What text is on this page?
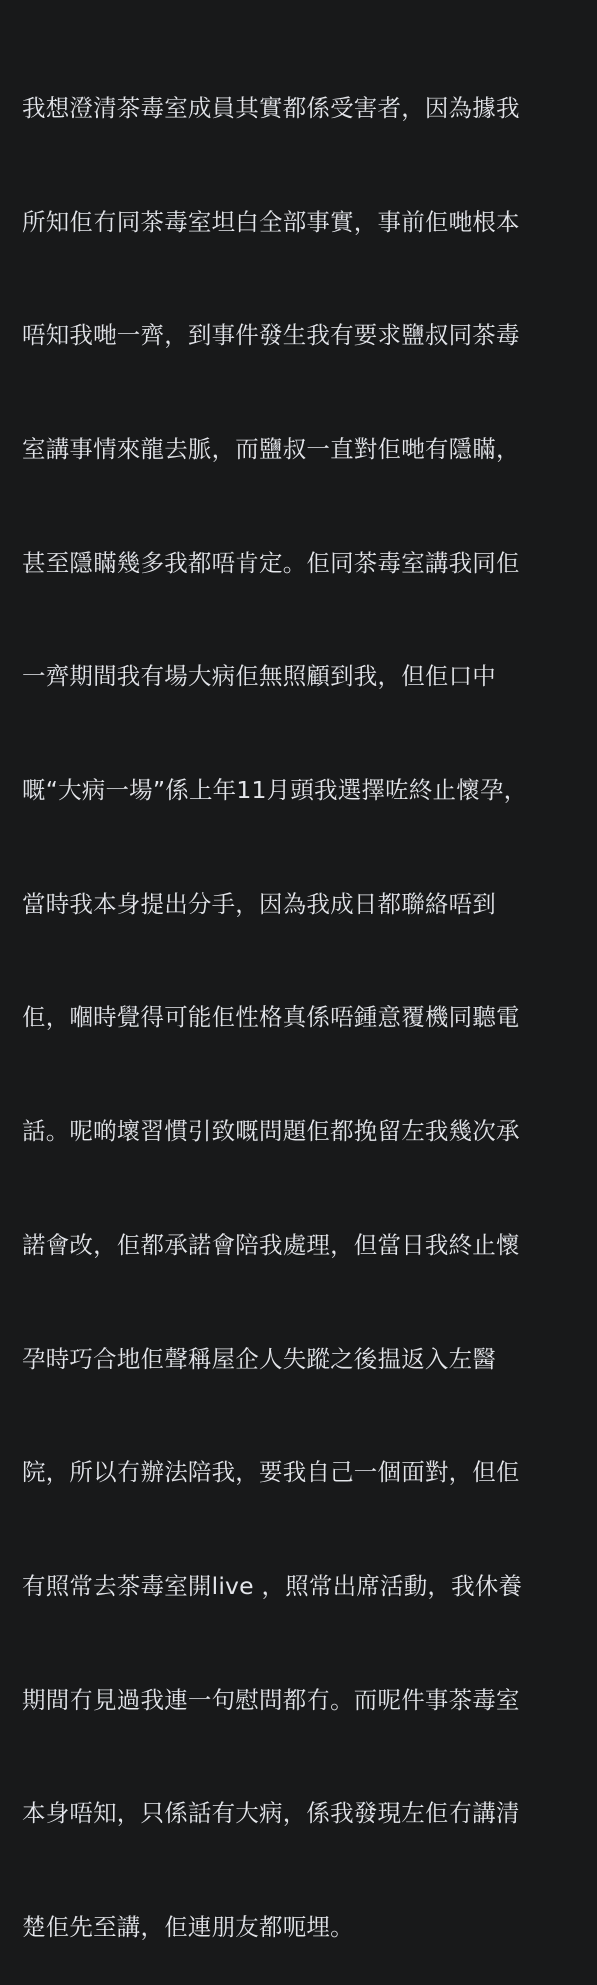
我想澄清茶毒室成員其實都係受害者，因為據我

所知佢冇同茶毒室坦白全部事實，事前佢哋根本

唔知我哋一齊，到事件發生我有要求鹽叔同茶毒

室講事情來龍去脈，而鹽叔一直對佢哋有隱瞞，

甚至隱瞞幾多我都唔肯定。佢同茶毒室講我同佢

一齊期間我有場大病佢無照顧到我，但佢口中

嘅“大病一場”係上年11月頭我選擇咗終止懷孕，

當時我本身提出分手，因為我成日都聯絡唔到

佢，嗰時覺得可能佢性格真係唔鍾意覆機同聽電

話。呢啲壞習慣引致嘅問題佢都挽留左我幾次承

諾會改，佢都承諾會陪我處理，但當日我終止懷

孕時巧合地佢聲稱屋企人失蹤之後揾返入左醫

院，所以冇辦法陪我，要我自己一個面對，但佢

有照常去茶毒室開live ，照常出席活動，我休養

期間冇見過我連一句慰問都冇。而呢件事茶毒室

本身唔知，只係話有大病，係我發現左佢冇講清

楚佢先至講，佢連朋友都呃埋。
